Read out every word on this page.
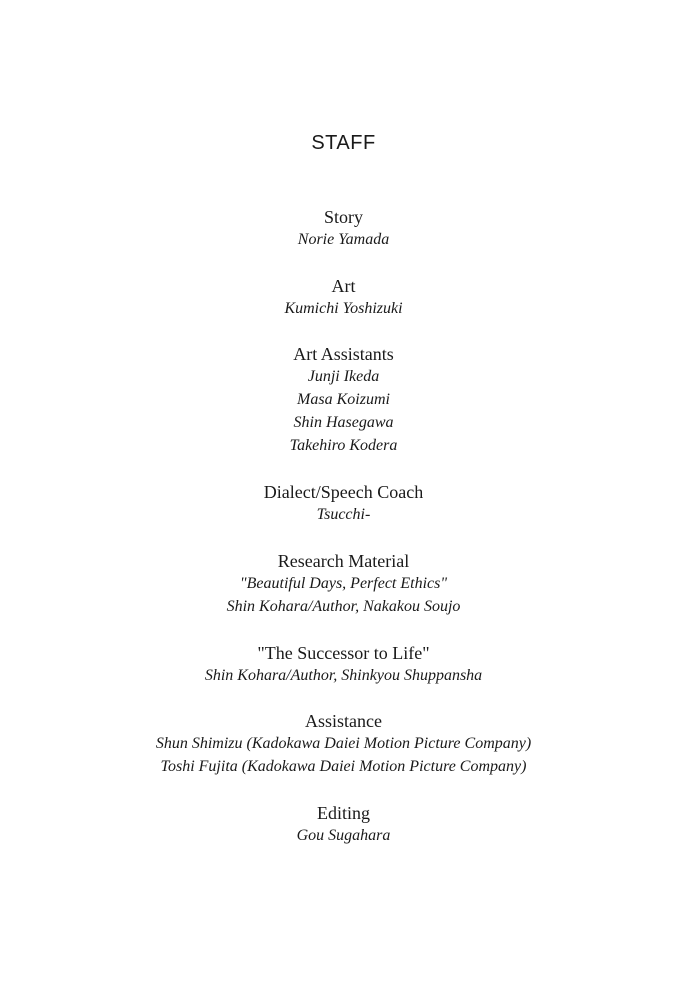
STAFF
Story
Norie Yamada
Art
Kumichi Yoshizuki
Art Assistants
Junji Ikeda
Masa Koizumi
Shin Hasegawa
Takehiro Kodera
Dialect/Speech Coach
Tsucchi-
Research Material
"Beautiful Days, Perfect Ethics"
Shin Kohara/Author, Nakakou Soujo
"The Successor to Life"
Shin Kohara/Author, Shinkyou Shuppansha
Assistance
Shun Shimizu (Kadokawa Daiei Motion Picture Company)
Toshi Fujita (Kadokawa Daiei Motion Picture Company)
Editing
Gou Sugahara
